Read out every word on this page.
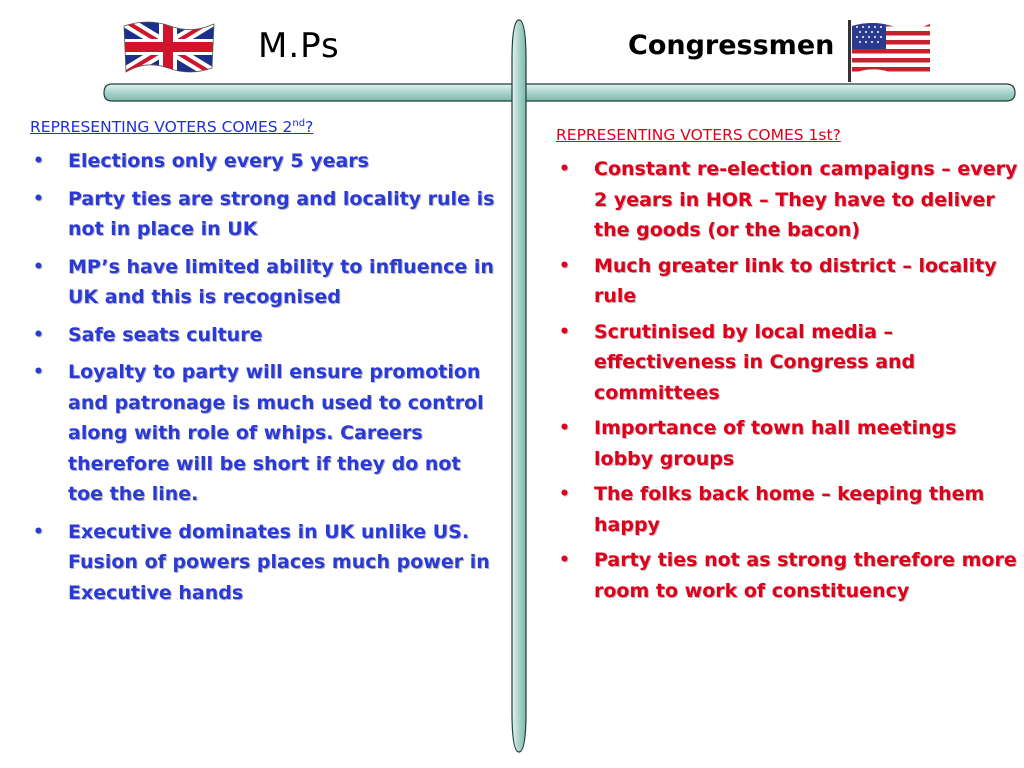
M.Ps	Congressmen
REPRESENTING VOTERS COMES 2nd?
• Elections only every 5 years
• Party ties are strong and locality rule is not in place in UK
• MP’s have limited ability to influence in UK and this is recognised
• Safe seats culture
• Loyalty to party will ensure promotion and patronage is much used to control along with role of whips. Careers therefore will be short if they do not toe the line.
• Executive dominates in UK unlike US. Fusion of powers places much power in Executive hands
REPRESENTING VOTERS COMES 1st?
• Constant re-election campaigns – every 2 years in HOR – They have to deliver the goods (or the bacon)
• Much greater link to district – locality rule
• Scrutinised by local media – effectiveness in Congress and committees
• Importance of town hall meetings lobby groups
• The folks back home – keeping them happy
• Party ties not as strong therefore more room to work of constituency
